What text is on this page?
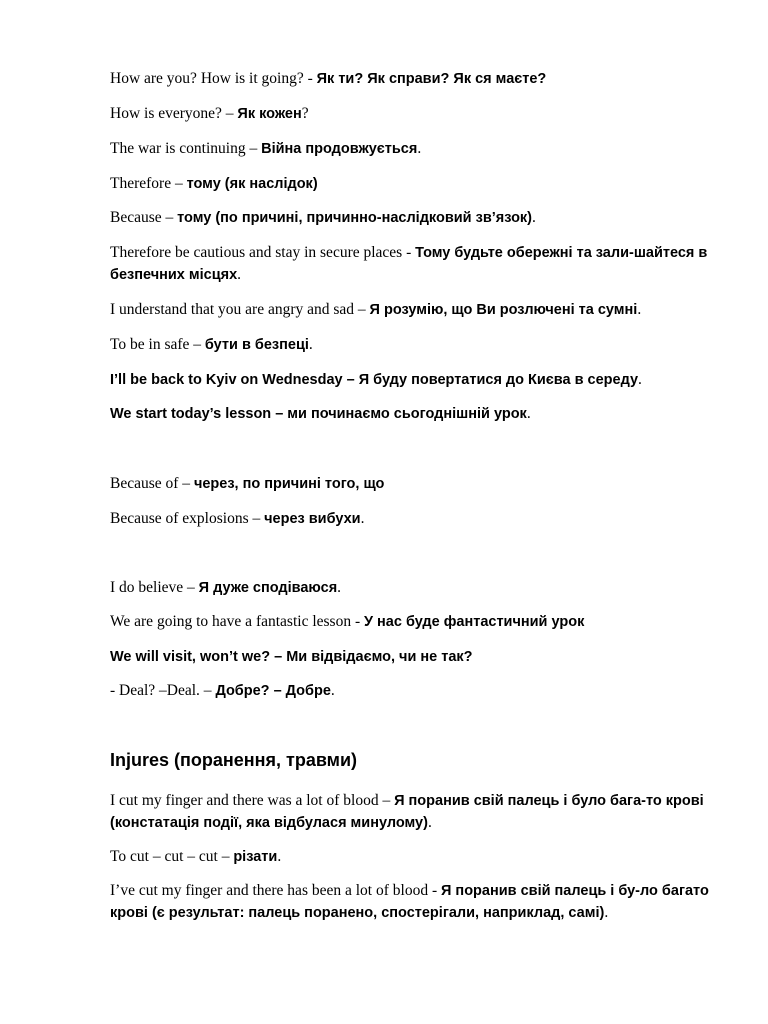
How are you? How is it going? - Як ти? Як справи? Як ся маєте?
How is everyone? – Як кожен?
The war is continuing – Війна продовжується.
Therefore – тому (як наслідок)
Because – тому (по причині, причинно-наслідковий зв’язок).
Therefore be cautious and stay in secure places - Тому будьте обережні та зали-шайтеся в безпечних місцях.
I understand that you are angry and sad – Я розумію, що Ви розлючені та сумні.
To be in safe – бути в безпеці.
I’ll be back to Kyiv on Wednesday – Я буду повертатися до Києва в середу.
We start today’s lesson – ми починаємо сьогоднішній урок.
Because of – через, по причині того, що
Because of explosions – через вибухи.
I do believe – Я дуже сподіваюся.
We are going to have a fantastic lesson - У нас буде фантастичний урок
We will visit, won’t we? – Ми відвідаємо, чи не так?
- Deal? –Deal. – Добре? – Добре.
Injures (поранення, травми)
I cut my finger and there was a lot of blood – Я поранив свій палець і було бага-то крові (констатація події, яка відбулася минулому).
To cut – cut – cut – різати.
I’ve cut my finger and there has been a lot of blood - Я поранив свій палець і бу-ло багато крові (є результат: палець поранено, спостерігали, наприклад, самі).
